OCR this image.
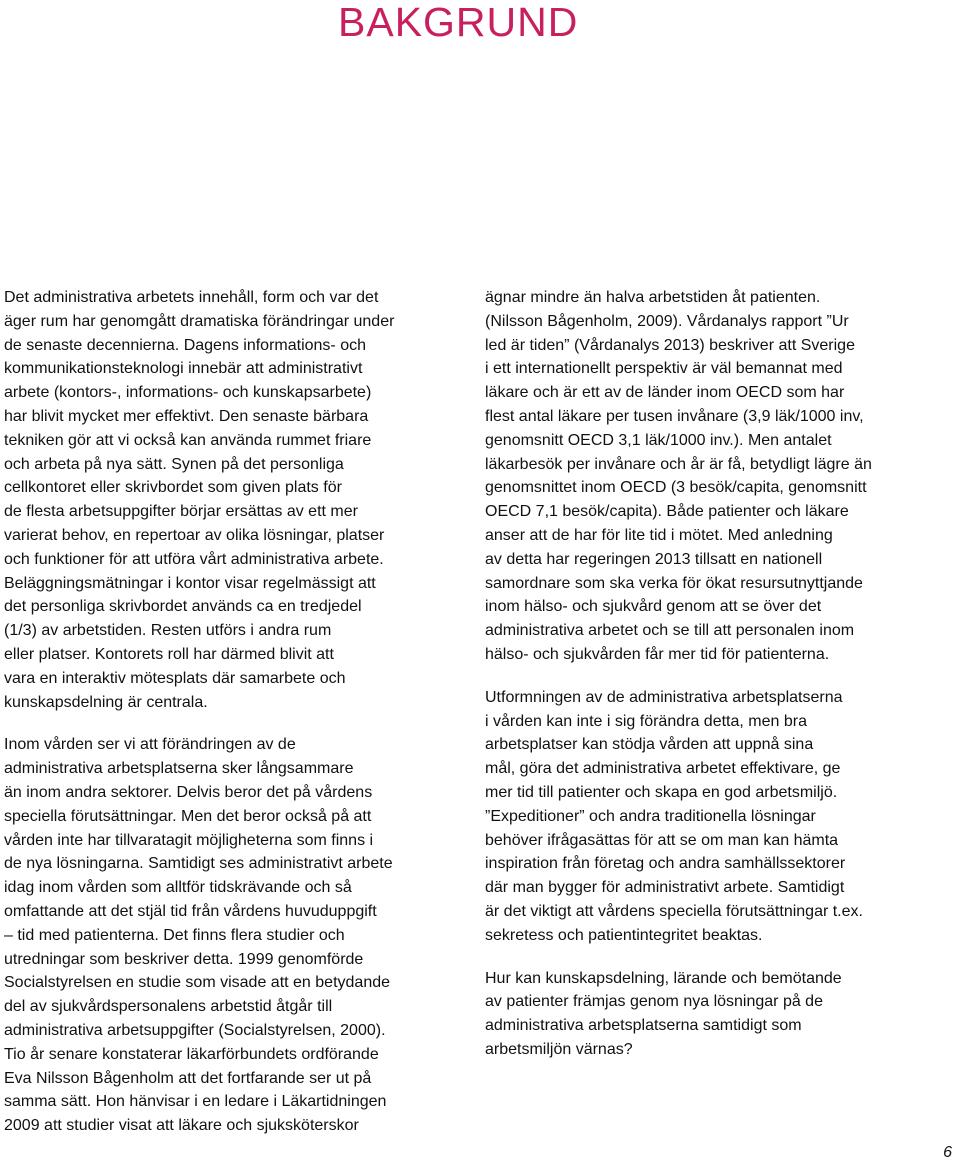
BAKGRUND

Det administrativa arbetets innehåll, form och var det
äger rum har genomgått dramatiska förändringar under
de senaste decennierna. Dagens informations- och
kommunikationsteknologi innebär att administrativt
arbete (kontors-, informations- och kunskapsarbete)
har blivit mycket mer effektivt. Den senaste bärbara
tekniken gör att vi också kan använda rummet friare
och arbeta på nya sätt. Synen på det personliga
cellkontoret eller skrivbordet som given plats för
de flesta arbetsuppgifter börjar ersättas av ett mer
varierat behov, en repertoar av olika lösningar, platser
och funktioner för att utföra vårt administrativa arbete.
Beläggningsmätningar i kontor visar regelmässigt att
det personliga skrivbordet används ca en tredjedel
(1/3) av arbetstiden. Resten utförs i andra rum
eller platser. Kontorets roll har därmed blivit att
vara en interaktiv mötesplats där samarbete och
kunskapsdelning är centrala.

Inom vården ser vi att förändringen av de
administrativa arbetsplatserna sker långsammare
än inom andra sektorer. Delvis beror det på vårdens
speciella förutsättningar. Men det beror också på att
vården inte har tillvaratagit möjligheterna som finns i
de nya lösningarna. Samtidigt ses administrativt arbete
idag inom vården som alltför tidskrävande och så
omfattande att det stjäl tid från vårdens huvuduppgift
– tid med patienterna. Det finns flera studier och
utredningar som beskriver detta. 1999 genomförde
Socialstyrelsen en studie som visade att en betydande
del av sjukvårdspersonalens arbetstid åtgår till
administrativa arbetsuppgifter (Socialstyrelsen, 2000).
Tio år senare konstaterar läkarförbundets ordförande
Eva Nilsson Bågenholm att det fortfarande ser ut på
samma sätt. Hon hänvisar i en ledare i Läkartidningen
2009 att studier visat att läkare och sjuksköterskor

ägnar mindre än halva arbetstiden åt patienten.
(Nilsson Bågenholm, 2009). Vårdanalys rapport ”Ur
led är tiden” (Vårdanalys 2013) beskriver att Sverige
i ett internationellt perspektiv är väl bemannat med
läkare och är ett av de länder inom OECD som har
flest antal läkare per tusen invånare (3,9 läk/1000 inv,
genomsnitt OECD 3,1 läk/1000 inv.). Men antalet
läkarbesök per invånare och år är få, betydligt lägre än
genomsnittet inom OECD (3 besök/capita, genomsnitt
OECD 7,1 besök/capita). Både patienter och läkare
anser att de har för lite tid i mötet. Med anledning
av detta har regeringen 2013 tillsatt en nationell
samordnare som ska verka för ökat resursutnyttjande
inom hälso- och sjukvård genom att se över det
administrativa arbetet och se till att personalen inom
hälso- och sjukvården får mer tid för patienterna.

Utformningen av de administrativa arbetsplatserna
i vården kan inte i sig förändra detta, men bra
arbetsplatser kan stödja vården att uppnå sina
mål, göra det administrativa arbetet effektivare, ge
mer tid till patienter och skapa en god arbetsmiljö.
”Expeditioner” och andra traditionella lösningar
behöver ifrågasättas för att se om man kan hämta
inspiration från företag och andra samhällssektorer
där man bygger för administrativt arbete. Samtidigt
är det viktigt att vårdens speciella förutsättningar t.ex.
sekretess och patientintegritet beaktas.

Hur kan kunskapsdelning, lärande och bemötande
av patienter främjas genom nya lösningar på de
administrativa arbetsplatserna samtidigt som
arbetsmiljön värnas?

6
